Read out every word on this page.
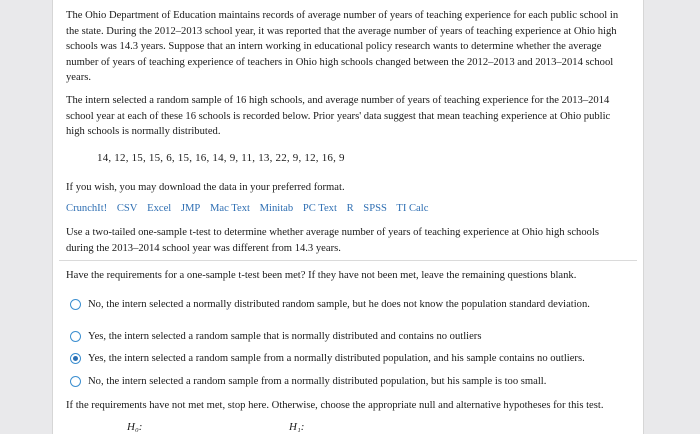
The Ohio Department of Education maintains records of average number of years of teaching experience for each public school in the state. During the 2012–2013 school year, it was reported that the average number of years of teaching experience at Ohio high schools was 14.3 years. Suppose that an intern working in educational policy research wants to determine whether the average number of years of teaching experience of teachers in Ohio high schools changed between the 2012–2013 and 2013–2014 school years.

The intern selected a random sample of 16 high schools, and average number of years of teaching experience for the 2013–2014 school year at each of these 16 schools is recorded below. Prior years' data suggest that mean teaching experience at Ohio public high schools is normally distributed.

14, 12, 15, 15, 6, 15, 16, 14, 9, 11, 13, 22, 9, 12, 16, 9

If you wish, you may download the data in your preferred format.

CrunchIt! CSV Excel JMP Mac Text Minitab PC Text R SPSS TI Calc

Use a two-tailed one-sample t-test to determine whether average number of years of teaching experience at Ohio high schools during the 2013–2014 school year was different from 14.3 years.

Have the requirements for a one-sample t-test been met? If they have not been met, leave the remaining questions blank.

No, the intern selected a normally distributed random sample, but he does not know the population standard deviation.
Yes, the intern selected a random sample that is normally distributed and contains no outliers
Yes, the intern selected a random sample from a normally distributed population, and his sample contains no outliers.
No, the intern selected a random sample from a normally distributed population, but his sample is too small.

If the requirements have not met met, stop here. Otherwise, choose the appropriate null and alternative hypotheses for this test.

H₀:	H₁:
